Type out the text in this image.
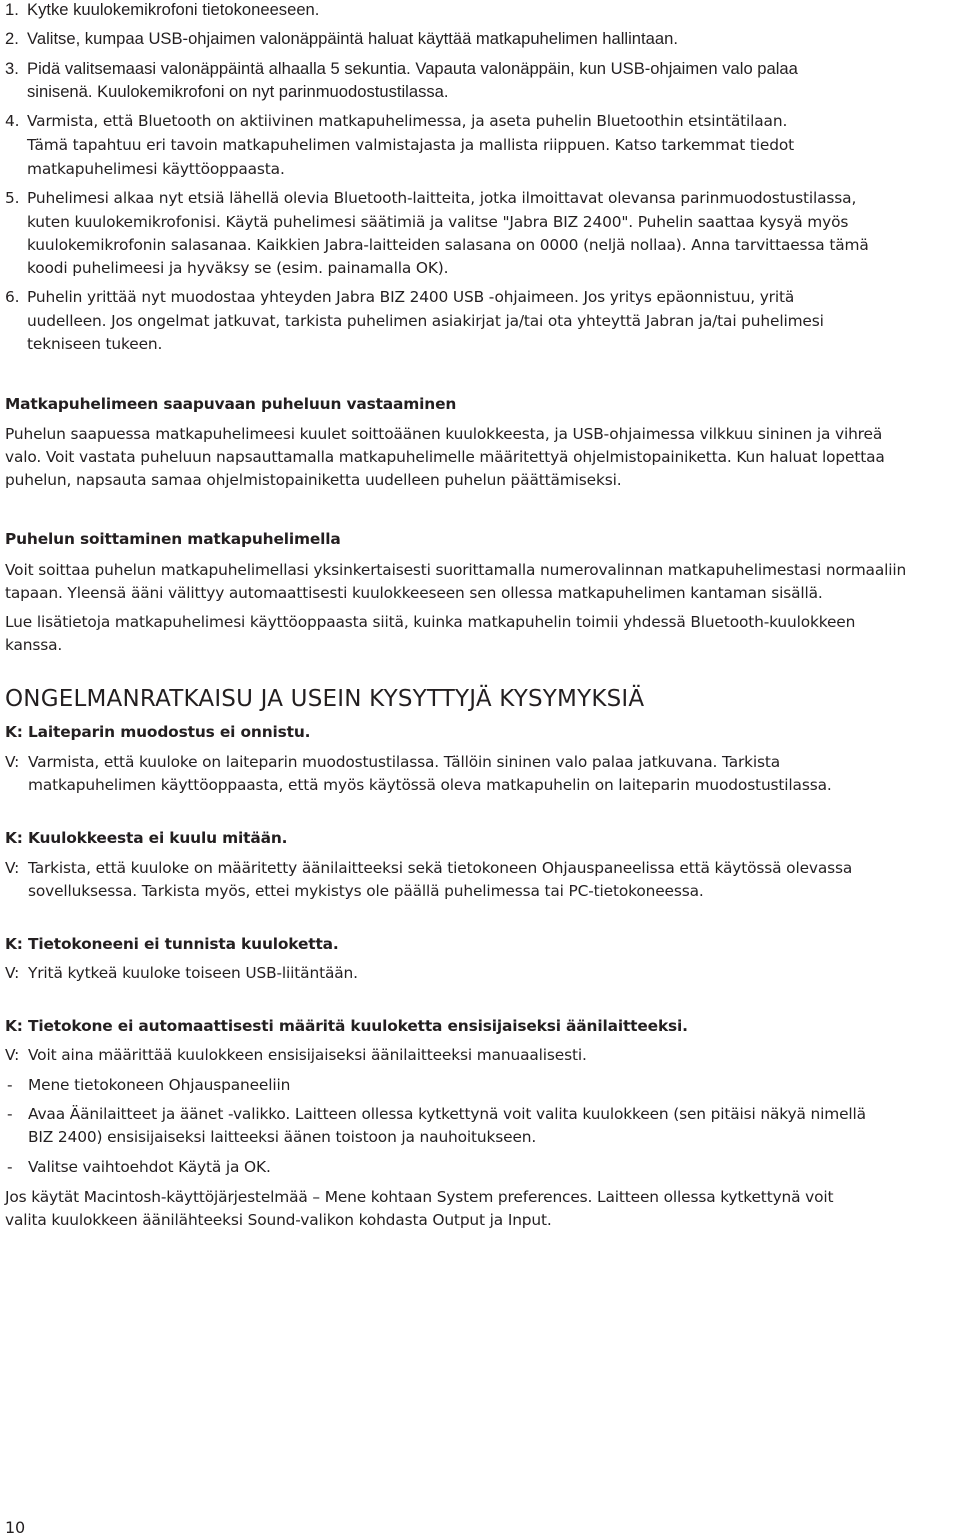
1. Kytke kuulokemikrofoni tietokoneeseen.
2. Valitse, kumpaa USB-ohjaimen valonäppäintä haluat käyttää matkapuhelimen hallintaan.
3. Pidä valitsemaasi valonäppäintä alhaalla 5 sekuntia. Vapauta valonäppäin, kun USB-ohjaimen valo palaa
sinisenä. Kuulokemikrofoni on nyt parinmuodostustilassa.
4. Varmista, että Bluetooth on aktiivinen matkapuhelimessa, ja aseta puhelin Bluetoothin etsintätilaan.
Tämä tapahtuu eri tavoin matkapuhelimen valmistajasta ja mallista riippuen. Katso tarkemmat tiedot
matkapuhelimesi käyttöoppaasta.
5. Puhelimesi alkaa nyt etsiä lähellä olevia Bluetooth-laitteita, jotka ilmoittavat olevansa parinmuodostustilassa,
kuten kuulokemikrofonisi. Käytä puhelimesi säätimiä ja valitse "Jabra BIZ 2400". Puhelin saattaa kysyä myös
kuulokemikrofonin salasanaa. Kaikkien Jabra-laitteiden salasana on 0000 (neljä nollaa). Anna tarvittaessa tämä
koodi puhelimeesi ja hyväksy se (esim. painamalla OK).
6. Puhelin yrittää nyt muodostaa yhteyden Jabra BIZ 2400 USB -ohjaimeen. Jos yritys epäonnistuu, yritä
uudelleen. Jos ongelmat jatkuvat, tarkista puhelimen asiakirjat ja/tai ota yhteyttä Jabran ja/tai puhelimesi
tekniseen tukeen.
Matkapuhelimeen saapuvaan puheluun vastaaminen
Puhelun saapuessa matkapuhelimeesi kuulet soittoäänen kuulokkeesta, ja USB-ohjaimessa vilkkuu sininen ja vihreä
valo. Voit vastata puheluun napsauttamalla matkapuhelimelle määritettyä ohjelmistopainiketta. Kun haluat lopettaa
puhelun, napsauta samaa ohjelmistopainiketta uudelleen puhelun päättämiseksi.
Puhelun soittaminen matkapuhelimella
Voit soittaa puhelun matkapuhelimellasi yksinkertaisesti suorittamalla numerovalinnan matkapuhelimestasi normaaliin
tapaan. Yleensä ääni välittyy automaattisesti kuulokkeeseen sen ollessa matkapuhelimen kantaman sisällä.
Lue lisätietoja matkapuhelimesi käyttöoppaasta siitä, kuinka matkapuhelin toimii yhdessä Bluetooth-kuulokkeen
kanssa.
ONGELMANRATKAISU JA USEIN KYSYTTYJÄ KYSYMYKSIÄ
K: Laiteparin muodostus ei onnistu.
V: Varmista, että kuuloke on laiteparin muodostustilassa. Tällöin sininen valo palaa jatkuvana. Tarkista
matkapuhelimen käyttöoppaasta, että myös käytössä oleva matkapuhelin on laiteparin muodostustilassa.
K: Kuulokkeesta ei kuulu mitään.
V: Tarkista, että kuuloke on määritetty äänilaitteeksi sekä tietokoneen Ohjauspaneelissa että käytössä olevassa
sovelluksessa. Tarkista myös, ettei mykistys ole päällä puhelimessa tai PC-tietokoneessa.
K: Tietokoneeni ei tunnista kuuloketta.
V: Yritä kytkeä kuuloke toiseen USB-liitäntään.
K: Tietokone ei automaattisesti määritä kuuloketta ensisijaiseksi äänilaitteeksi.
V: Voit aina määrittää kuulokkeen ensisijaiseksi äänilaitteeksi manuaalisesti.
- Mene tietokoneen Ohjauspaneeliin
- Avaa Äänilaitteet ja äänet -valikko. Laitteen ollessa kytkettynä voit valita kuulokkeen (sen pitäisi näkyä nimellä
BIZ 2400) ensisijaiseksi laitteeksi äänen toistoon ja nauhoitukseen.
- Valitse vaihtoehdot Käytä ja OK.
Jos käytät Macintosh-käyttöjärjestelmää – Mene kohtaan System preferences. Laitteen ollessa kytkettynä voit
valita kuulokkeen äänilähteeksi Sound-valikon kohdasta Output ja Input.
10
